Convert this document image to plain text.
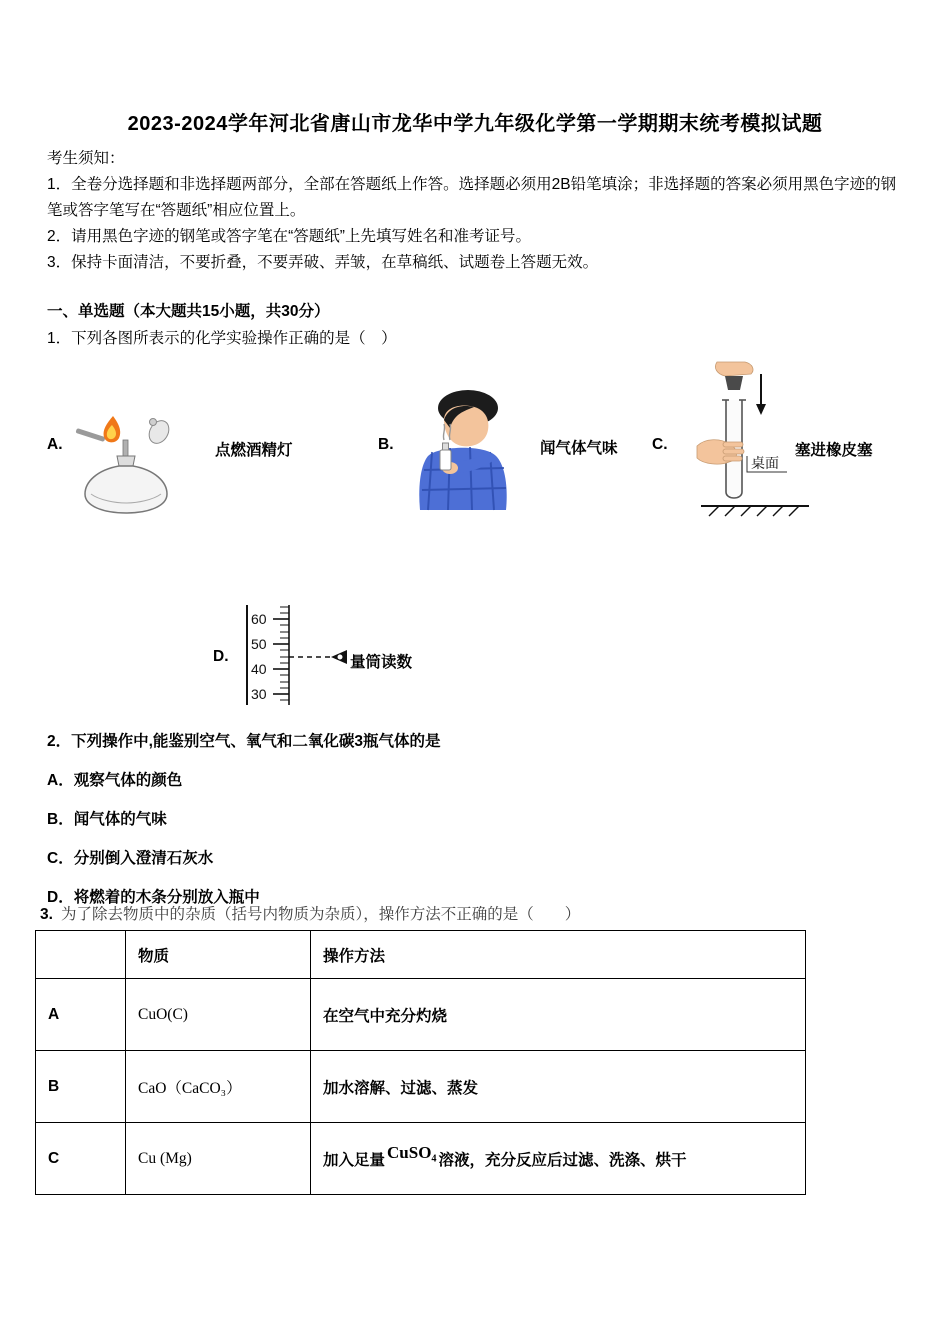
2023-2024学年河北省唐山市龙华中学九年级化学第一学期期末统考模拟试题

考生须知：

1．全卷分选择题和非选择题两部分，全部在答题纸上作答。选择题必须用2B铅笔填涂；非选择题的答案必须用黑色字迹的钢笔或答字笔写在“答题纸”相应位置上。

2．请用黑色字迹的钢笔或答字笔在“答题纸”上先填写姓名和准考证号。

3．保持卡面清洁，不要折叠，不要弄破、弄皱，在草稿纸、试题卷上答题无效。

一、单选题（本大题共15小题，共30分）
1．下列各图所表示的化学实验操作正确的是（　）
A.	点燃酒精灯	B.	闻气体气味 C.
桌面
塞进橡皮塞
D.
60
50
40
30
量筒读数
2．下列操作中,能鉴别空气、氧气和二氧化碳3瓶气体的是
A．观察气体的颜色
B．闻气体的气味
C．分别倒入澄清石灰水
D．将燃着的木条分别放入瓶中
3. 为了除去物质中的杂质（括号内物质为杂质），操作方法不正确的是（　　）
	物质	操作方法
A	CuO(C)	在空气中充分灼烧
B	CaO（CaCO₃）	加水溶解、过滤、蒸发
C	Cu (Mg)	加入足量 CuSO₄ 溶液，充分反应后过滤、洗涤、烘干
